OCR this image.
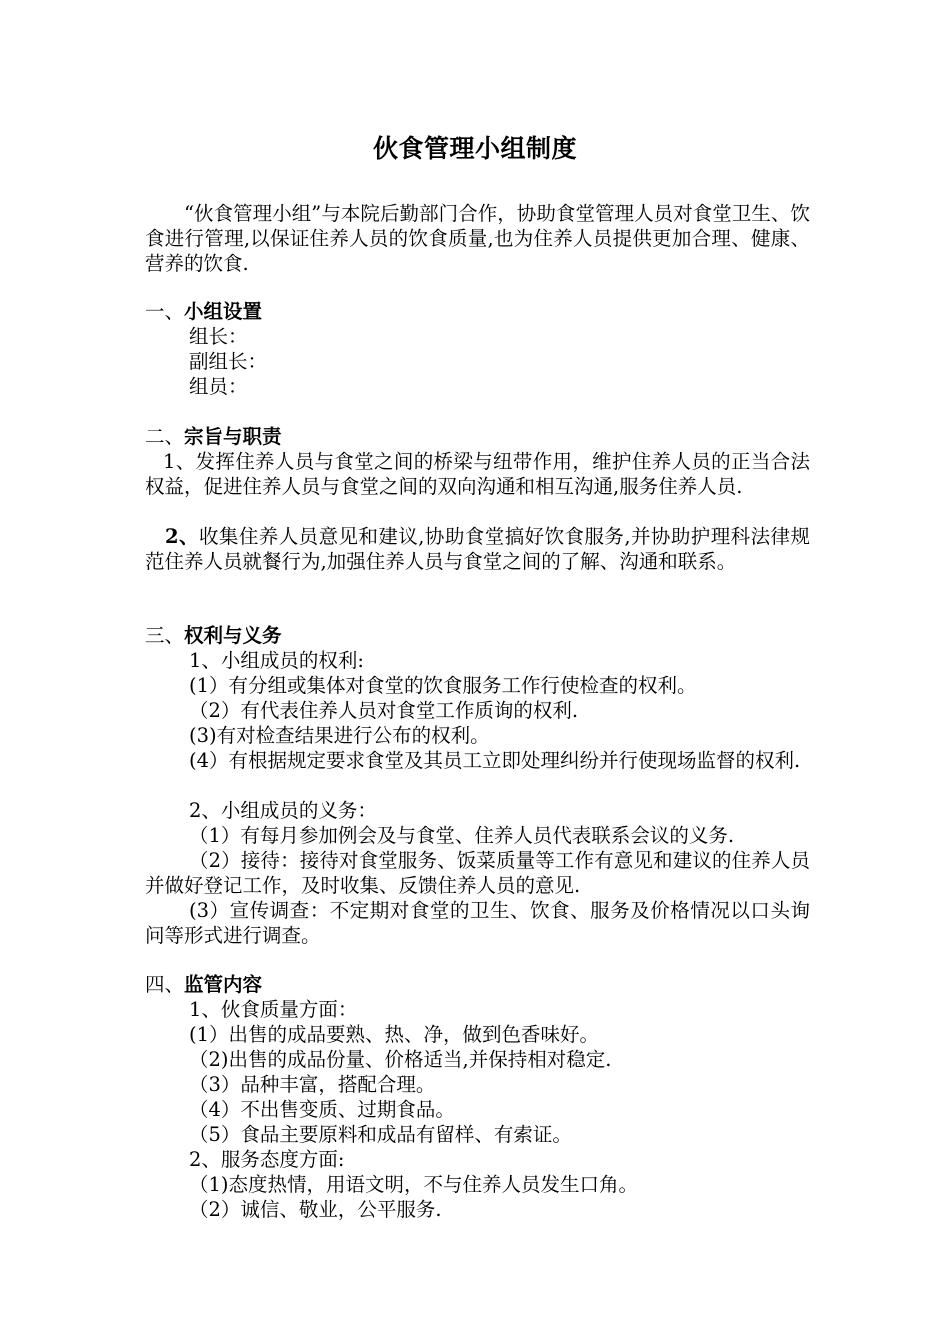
伙食管理小组制度

“伙食管理小组”与本院后勤部门合作，协助食堂管理人员对食堂卫生、饮食进行管理,以保证住养人员的饮食质量,也为住养人员提供更加合理、健康、营养的饮食.

一、小组设置
组长：
副组长：
组员：
二、宗旨与职责

1、发挥住养人员与食堂之间的桥梁与纽带作用，维护住养人员的正当合法权益，促进住养人员与食堂之间的双向沟通和相互沟通,服务住养人员.

2、收集住养人员意见和建议,协助食堂搞好饮食服务,并协助护理科法律规范住养人员就餐行为,加强住养人员与食堂之间的了解、沟通和联系。

三、权利与义务
1、小组成员的权利:
(1）有分组或集体对食堂的饮食服务工作行使检查的权利。
（2）有代表住养人员对食堂工作质询的权利.
(3)有对检查结果进行公布的权利。

(4）有根据规定要求食堂及其员工立即处理纠纷并行使现场监督的权利.

2、小组成员的义务：
（1）有每月参加例会及与食堂、住养人员代表联系会议的义务.

（2）接待：接待对食堂服务、饭菜质量等工作有意见和建议的住养人员并做好登记工作，及时收集、反馈住养人员的意见.

(3）宣传调查：不定期对食堂的卫生、饮食、服务及价格情况以口头询问等形式进行调查。

四、监管内容
1、伙食质量方面：
(1）出售的成品要熟、热、净，做到色香味好。
（2)出售的成品份量、价格适当,并保持相对稳定.
（3）品种丰富，搭配合理。
（4）不出售变质、过期食品。
（5）食品主要原料和成品有留样、有索证。
2、服务态度方面:
（1)态度热情，用语文明，不与住养人员发生口角。
（2）诚信、敬业，公平服务.
